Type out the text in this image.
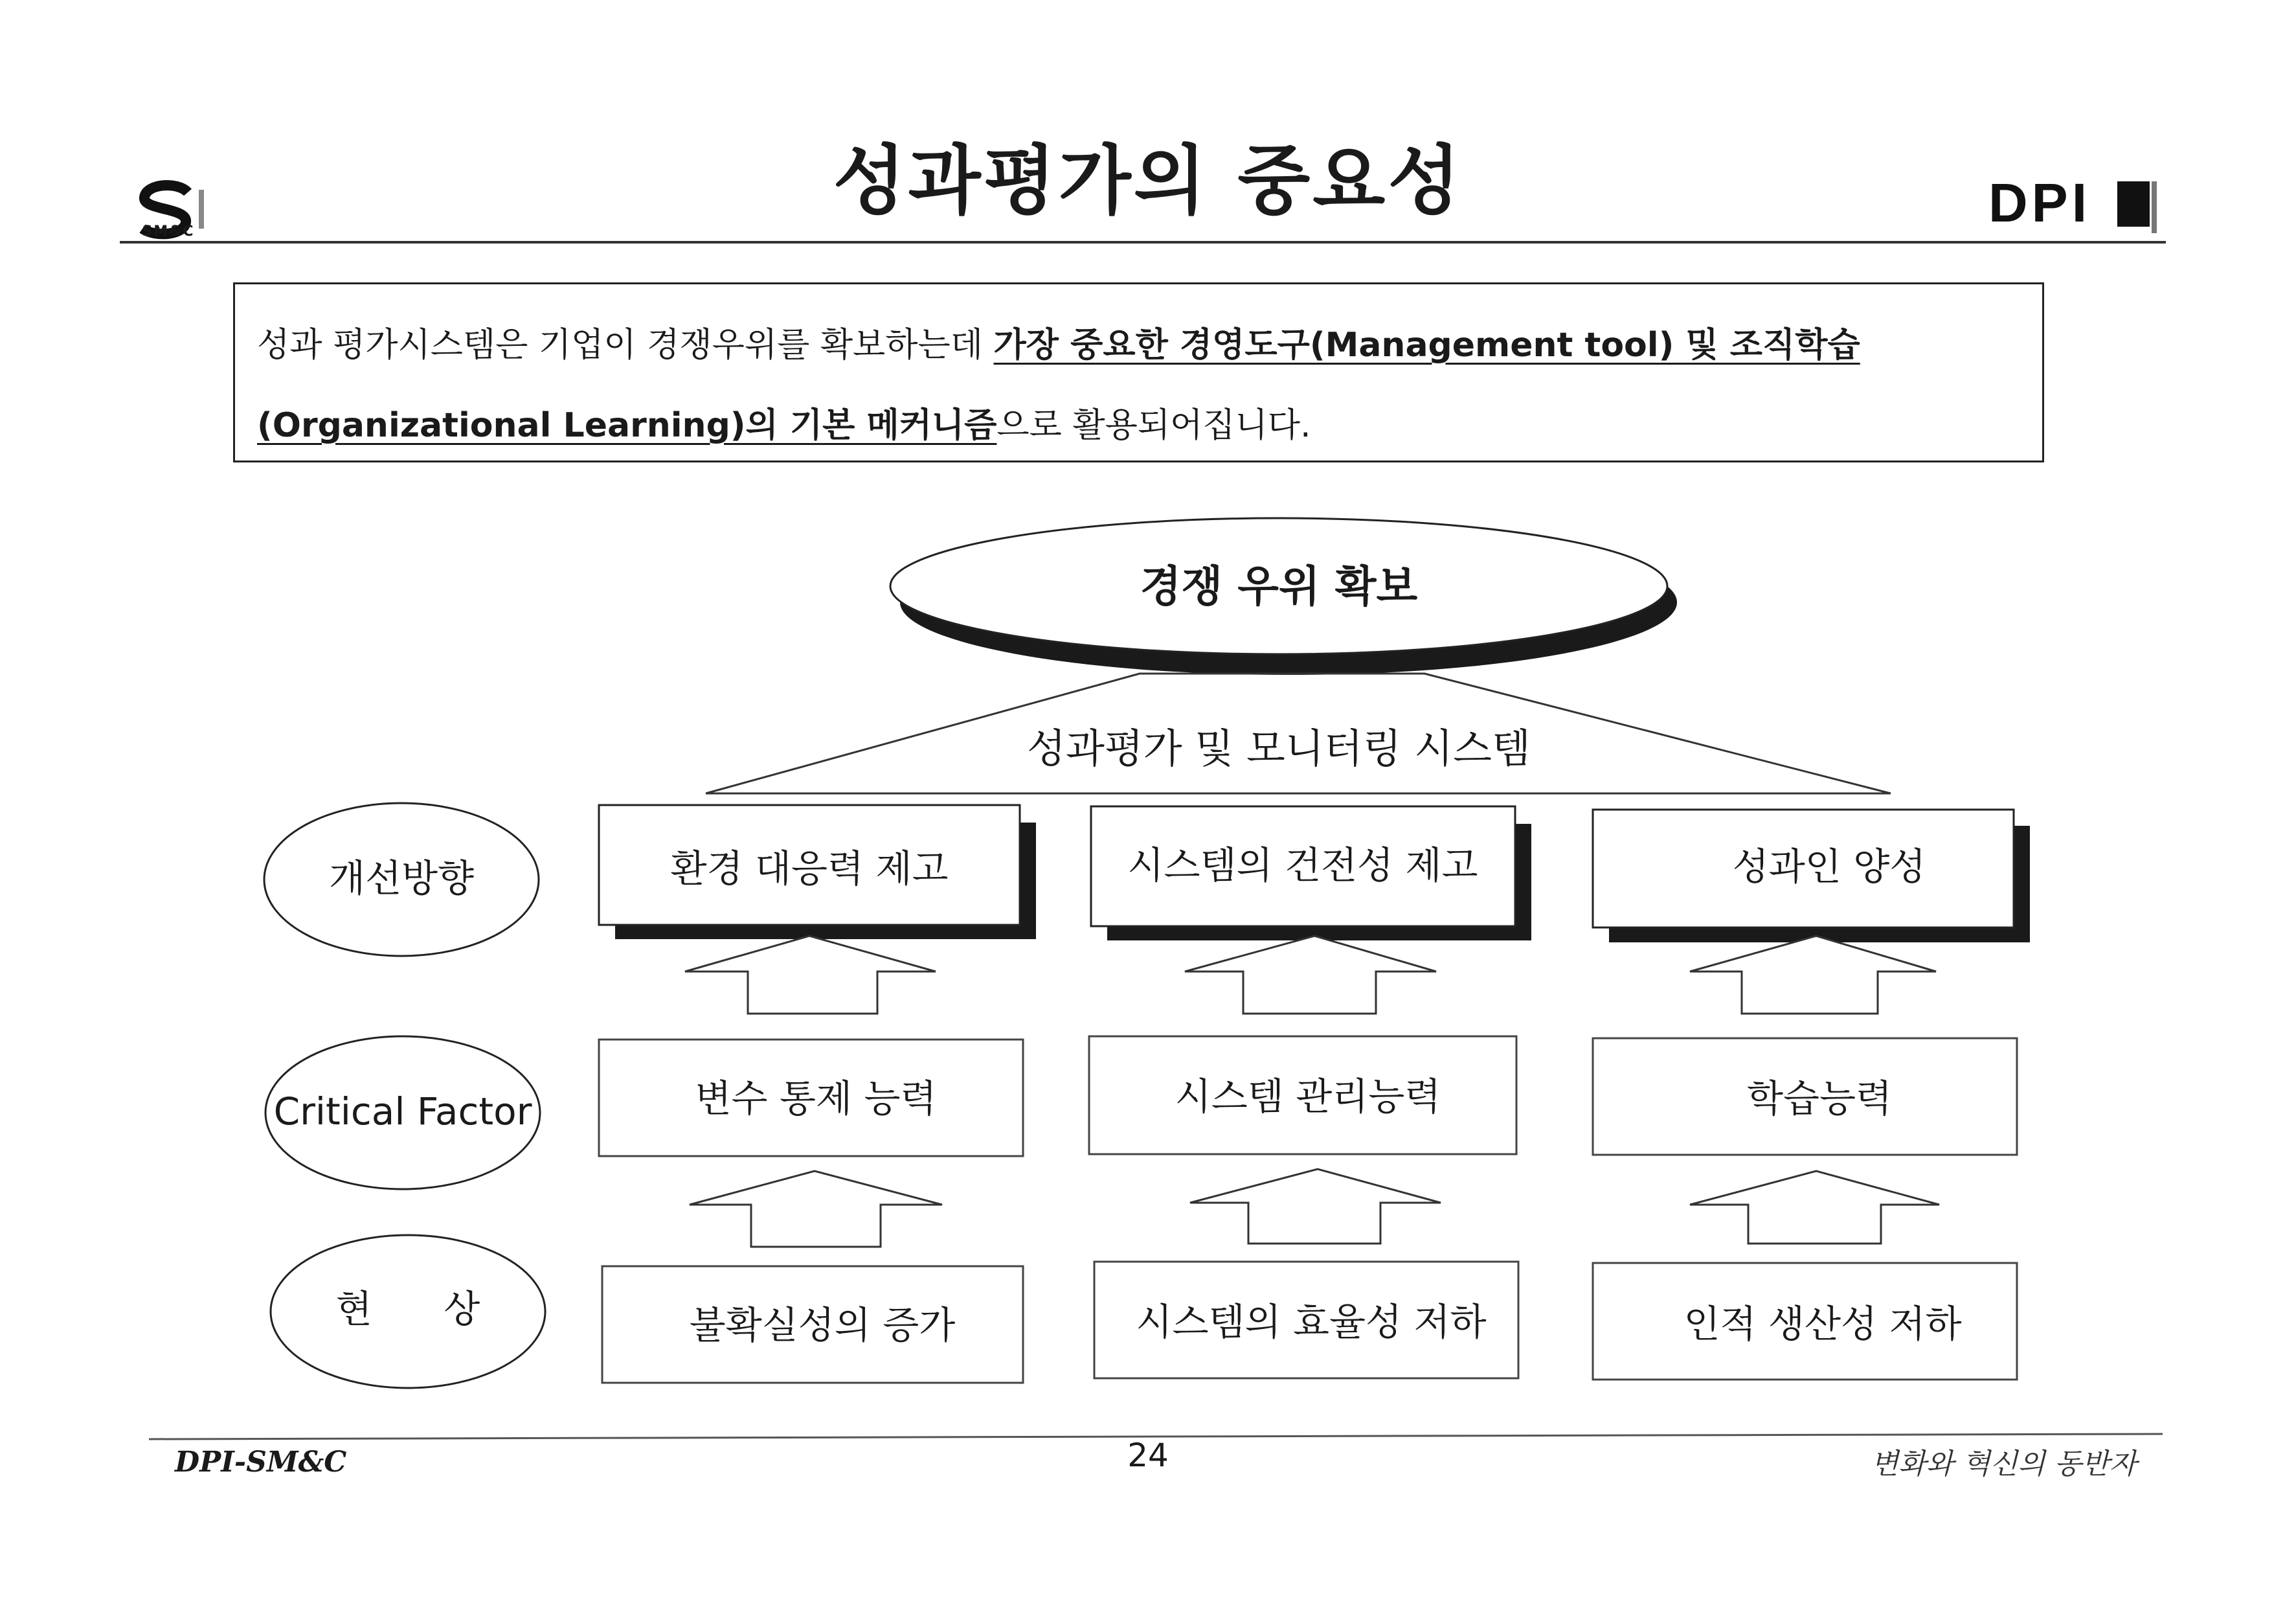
SM&C
성과평가의 중요성	DPI
성과 평가시스템은 기업이 경쟁우위를 확보하는데 가장 중요한 경영도구(Management tool) 및 조직학습
(Organizational Learning)의 기본 메커니즘으로 활용되어집니다.
경쟁 우위 확보
성과평가 및 모니터링 시스템
개선방향
Critical Factor
현      상
환경 대응력 제고	시스템의 건전성 제고	성과인 양성
변수 통제 능력	시스템 관리능력	학습능력
불확실성의 증가	시스템의 효율성 저하	인적 생산성 저하
DPI-SM&C	24	변화와 혁신의 동반자
